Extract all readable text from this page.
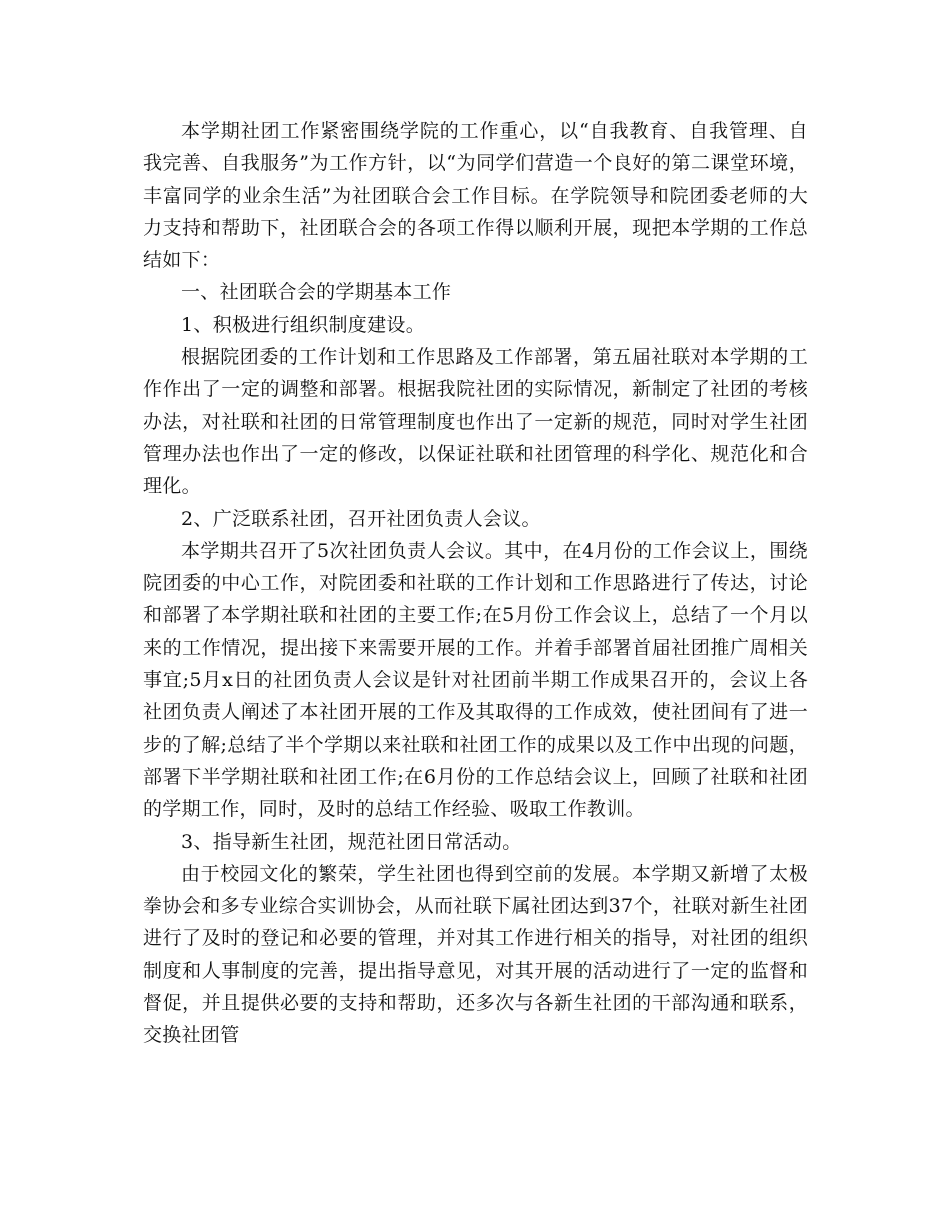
本学期社团工作紧密围绕学院的工作重心，以“自我教育、自我管理、自我完善、自我服务”为工作方针，以“为同学们营造一个良好的第二课堂环境，丰富同学的业余生活”为社团联合会工作目标。在学院领导和院团委老师的大力支持和帮助下，社团联合会的各项工作得以顺利开展，现把本学期的工作总结如下：

一、社团联合会的学期基本工作

1、积极进行组织制度建设。

根据院团委的工作计划和工作思路及工作部署，第五届社联对本学期的工作作出了一定的调整和部署。根据我院社团的实际情况，新制定了社团的考核办法，对社联和社团的日常管理制度也作出了一定新的规范，同时对学生社团管理办法也作出了一定的修改，以保证社联和社团管理的科学化、规范化和合理化。

2、广泛联系社团，召开社团负责人会议。

本学期共召开了5次社团负责人会议。其中，在4月份的工作会议上，围绕院团委的中心工作，对院团委和社联的工作计划和工作思路进行了传达，讨论和部署了本学期社联和社团的主要工作;在5月份工作会议上，总结了一个月以来的工作情况，提出接下来需要开展的工作。并着手部署首届社团推广周相关事宜;5月x日的社团负责人会议是针对社团前半期工作成果召开的，会议上各社团负责人阐述了本社团开展的工作及其取得的工作成效，使社团间有了进一步的了解;总结了半个学期以来社联和社团工作的成果以及工作中出现的问题，部署下半学期社联和社团工作;在6月份的工作总结会议上，回顾了社联和社团的学期工作，同时，及时的总结工作经验、吸取工作教训。

3、指导新生社团，规范社团日常活动。

由于校园文化的繁荣，学生社团也得到空前的发展。本学期又新增了太极拳协会和多专业综合实训协会，从而社联下属社团达到37个，社联对新生社团进行了及时的登记和必要的管理，并对其工作进行相关的指导，对社团的组织制度和人事制度的完善，提出指导意见，对其开展的活动进行了一定的监督和督促，并且提供必要的支持和帮助，还多次与各新生社团的干部沟通和联系，交换社团管
